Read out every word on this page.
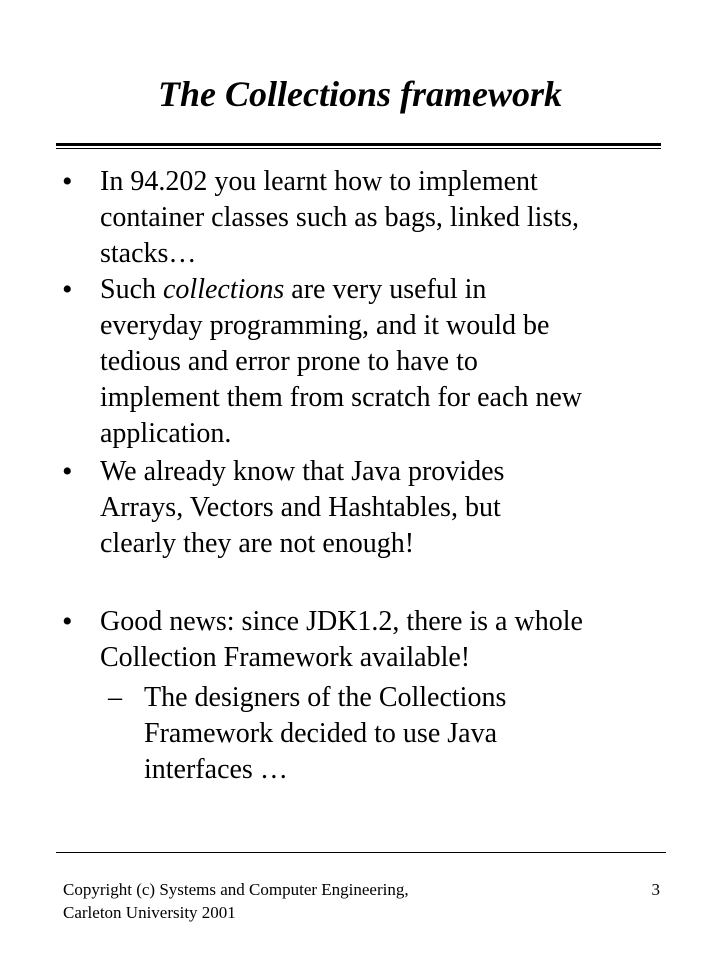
The Collections framework
• In 94.202 you learnt how to implement
container classes such as bags, linked lists,
stacks…
• Such collections are very useful in
everyday programming, and it would be
tedious and error prone to have to
implement them from scratch for each new
application.
• We already know that Java provides
Arrays, Vectors and Hashtables, but
clearly they are not enough!
• Good news: since JDK1.2, there is a whole
Collection Framework available!
– The designers of the Collections
Framework decided to use Java
interfaces …
Copyright (c) Systems and Computer Engineering,
Carleton University 2001
3
